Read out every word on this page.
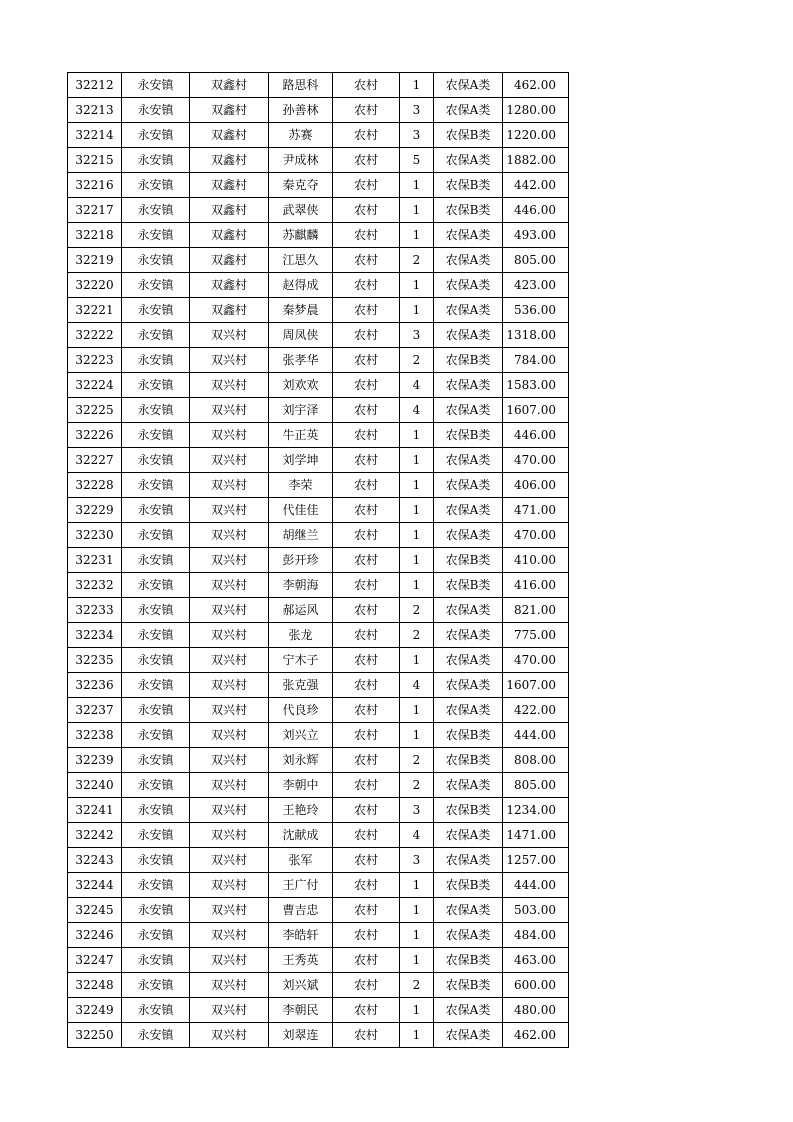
32212	永安镇	双鑫村	路思科	农村	1	农保A类	462.00
32213	永安镇	双鑫村	孙善林	农村	3	农保A类	1280.00
32214	永安镇	双鑫村	苏赛	农村	3	农保B类	1220.00
32215	永安镇	双鑫村	尹成林	农村	5	农保A类	1882.00
32216	永安镇	双鑫村	秦克夺	农村	1	农保B类	442.00
32217	永安镇	双鑫村	武翠侠	农村	1	农保B类	446.00
32218	永安镇	双鑫村	苏麒麟	农村	1	农保A类	493.00
32219	永安镇	双鑫村	江思久	农村	2	农保A类	805.00
32220	永安镇	双鑫村	赵得成	农村	1	农保A类	423.00
32221	永安镇	双鑫村	秦梦晨	农村	1	农保A类	536.00
32222	永安镇	双兴村	周凤侠	农村	3	农保A类	1318.00
32223	永安镇	双兴村	张孝华	农村	2	农保B类	784.00
32224	永安镇	双兴村	刘欢欢	农村	4	农保A类	1583.00
32225	永安镇	双兴村	刘宇泽	农村	4	农保A类	1607.00
32226	永安镇	双兴村	牛正英	农村	1	农保B类	446.00
32227	永安镇	双兴村	刘学坤	农村	1	农保A类	470.00
32228	永安镇	双兴村	李荣	农村	1	农保A类	406.00
32229	永安镇	双兴村	代佳佳	农村	1	农保A类	471.00
32230	永安镇	双兴村	胡继兰	农村	1	农保A类	470.00
32231	永安镇	双兴村	彭开珍	农村	1	农保B类	410.00
32232	永安镇	双兴村	李朝海	农村	1	农保B类	416.00
32233	永安镇	双兴村	郝运风	农村	2	农保A类	821.00
32234	永安镇	双兴村	张龙	农村	2	农保A类	775.00
32235	永安镇	双兴村	宁木子	农村	1	农保A类	470.00
32236	永安镇	双兴村	张克强	农村	4	农保A类	1607.00
32237	永安镇	双兴村	代良珍	农村	1	农保A类	422.00
32238	永安镇	双兴村	刘兴立	农村	1	农保B类	444.00
32239	永安镇	双兴村	刘永辉	农村	2	农保B类	808.00
32240	永安镇	双兴村	李朝中	农村	2	农保A类	805.00
32241	永安镇	双兴村	王艳玲	农村	3	农保B类	1234.00
32242	永安镇	双兴村	沈献成	农村	4	农保A类	1471.00
32243	永安镇	双兴村	张军	农村	3	农保A类	1257.00
32244	永安镇	双兴村	王广付	农村	1	农保B类	444.00
32245	永安镇	双兴村	曹吉忠	农村	1	农保A类	503.00
32246	永安镇	双兴村	李皓轩	农村	1	农保A类	484.00
32247	永安镇	双兴村	王秀英	农村	1	农保B类	463.00
32248	永安镇	双兴村	刘兴斌	农村	2	农保B类	600.00
32249	永安镇	双兴村	李朝民	农村	1	农保A类	480.00
32250	永安镇	双兴村	刘翠连	农村	1	农保A类	462.00
